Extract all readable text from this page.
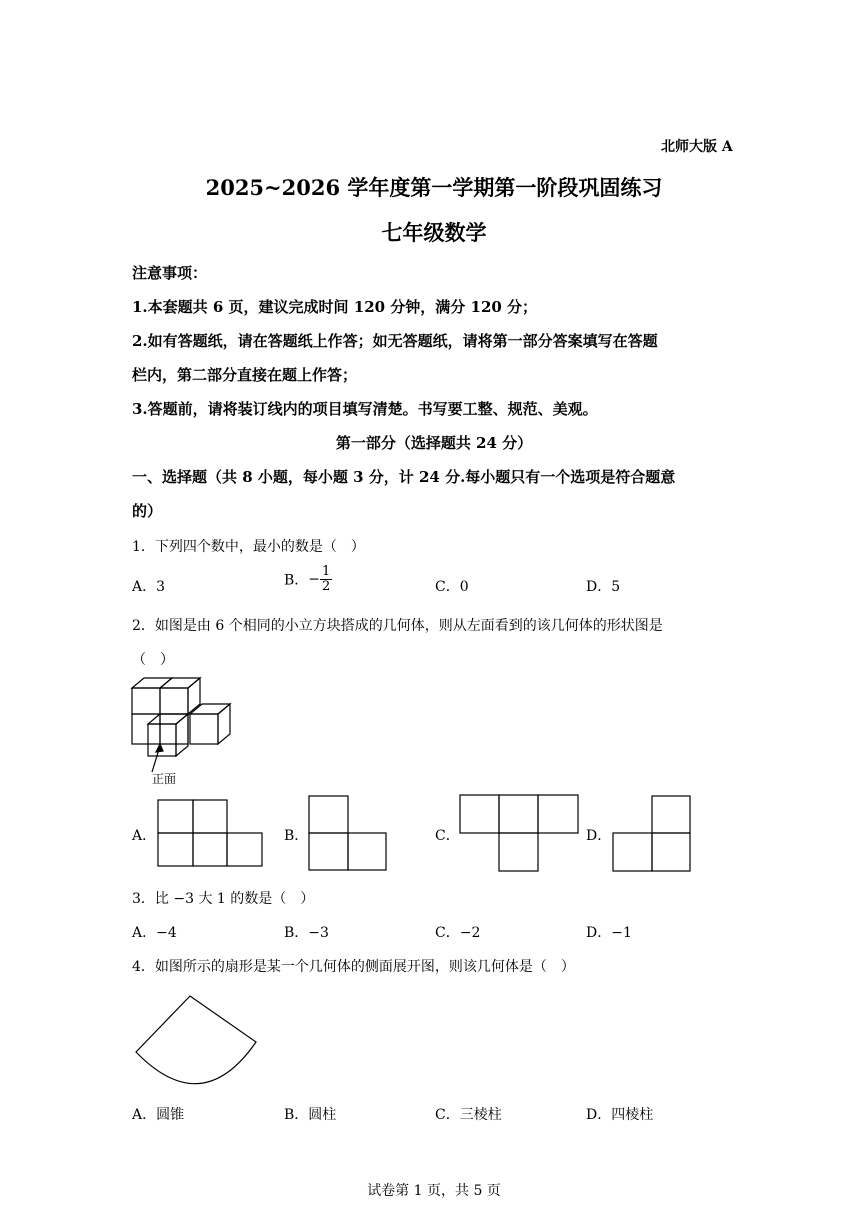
北师大版 A
2025~2026 学年度第一学期第一阶段巩固练习
七年级数学
注意事项：
1.本套题共 6 页，建议完成时间 120 分钟，满分 120 分；
2.如有答题纸，请在答题纸上作答；如无答题纸，请将第一部分答案填写在答题
栏内，第二部分直接在题上作答；
3.答题前，请将装订线内的项目填写清楚。书写要工整、规范、美观。
第一部分（选择题共 24 分）
一、选择题（共 8 小题，每小题 3 分，计 24 分.每小题只有一个选项是符合题意
的）
1．下列四个数中，最小的数是（　）
A．3	B．− $\frac{1}{2}$	C．0	D．5
2．如图是由 6 个相同的小立方块搭成的几何体，则从左面看到的该几何体的形状图是
（　）
正面
A．	B．	C．	D．
3．比 −3 大 1 的数是（　）
A．−4	B．−3	C．−2	D．−1
4．如图所示的扇形是某一个几何体的侧面展开图，则该几何体是（　）
A．圆锥	B．圆柱	C．三棱柱	D．四棱柱
试卷第 1 页，共 5 页
